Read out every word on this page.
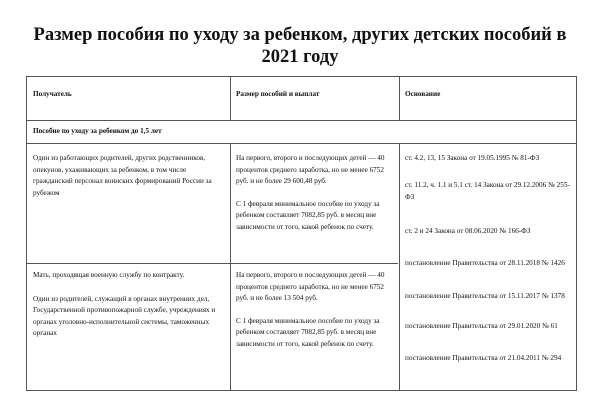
Размер пособия по уходу за ребенком, других детских пособий в 2021 году
Получатель	Размер пособий и выплат	Основание
Пособие по уходу за ребенком до 1,5 лет

Один из работающих родителей, других родственников, опекунов, ухаживающих за ребенком, в том числе гражданский персонал воинских формирований России за рубежом

На первого, второго и последующих детей — 40 процентов среднего заработка, но не менее 6752 руб. и не более 29 600,48 руб.

С 1 февраля минимальное пособие по уходу за ребенком составляет 7082,85 руб. в месяц вне зависимости от того, какой ребенок по счету.

Мать, проходящая военную службу по контракту.

Один из родителей, служащий в органах внутренних дел, Государственной противопожарной службе, учреждениях и органах уголовно-исполнительной системы, таможенных органах

На первого, второго и последующих детей — 40 процентов среднего заработка, но не менее 6752 руб. и не более 13 504 руб.

С 1 февраля минимальное пособие по уходу за ребенком составляет 7082,85 руб. в месяц вне зависимости от того, какой ребенок по счету.

ст. 4.2, 13, 15 Закона от 19.05.1995 № 81-ФЗ
ст. 11.2, ч. 1.1 и 5.1 ст. 14 Закона от 29.12.2006 № 255-ФЗ
ст. 2 и 24 Закона от 08.06.2020 № 166-ФЗ
постановление Правительства от 28.11.2018 № 1426
постановление Правительства от 15.11.2017 № 1378
постановление Правительства от 29.01.2020 № 61
постановление Правительства от 21.04.2011 № 294
